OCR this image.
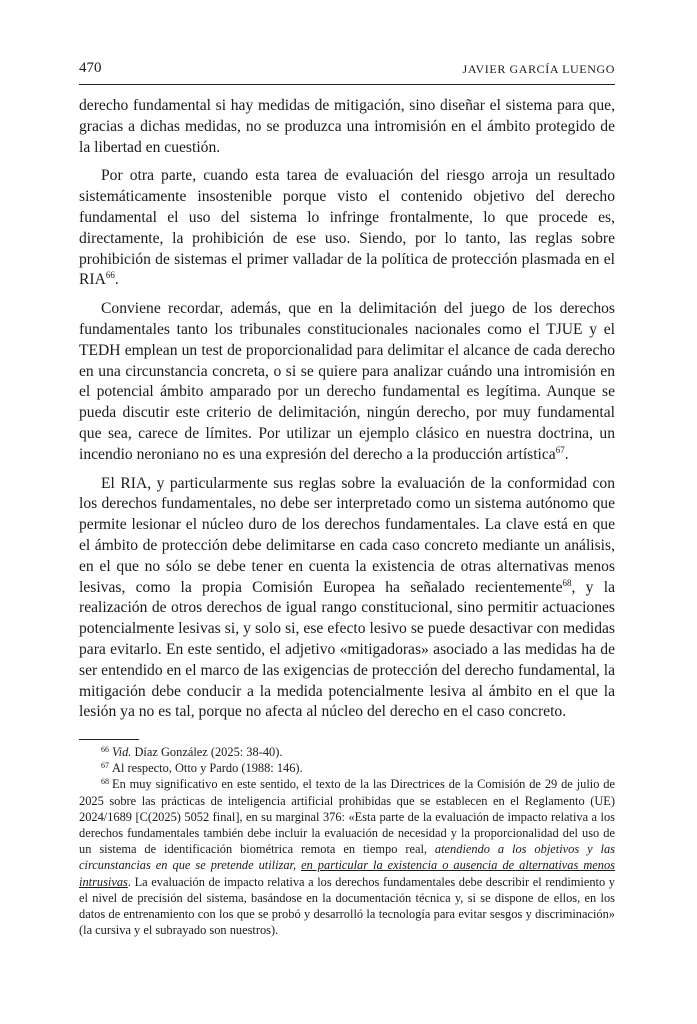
470	JAVIER GARCÍA LUENGO

derecho fundamental si hay medidas de mitigación, sino diseñar el sistema para que, gracias a dichas medidas, no se produzca una intromisión en el ámbito protegido de la libertad en cuestión.

Por otra parte, cuando esta tarea de evaluación del riesgo arroja un resultado sistemáticamente insostenible porque visto el contenido objetivo del derecho fundamental el uso del sistema lo infringe frontalmente, lo que procede es, directamente, la prohibición de ese uso. Siendo, por lo tanto, las reglas sobre prohibición de sistemas el primer valladar de la política de protección plasmada en el RIA$^{66}$.

Conviene recordar, además, que en la delimitación del juego de los derechos fundamentales tanto los tribunales constitucionales nacionales como el TJUE y el TEDH emplean un test de proporcionalidad para delimitar el alcance de cada derecho en una circunstancia concreta, o si se quiere para analizar cuándo una intromisión en el potencial ámbito amparado por un derecho fundamental es legítima. Aunque se pueda discutir este criterio de delimitación, ningún derecho, por muy fundamental que sea, carece de límites. Por utilizar un ejemplo clásico en nuestra doctrina, un incendio neroniano no es una expresión del derecho a la producción artística$^{67}$.

El RIA, y particularmente sus reglas sobre la evaluación de la conformidad con los derechos fundamentales, no debe ser interpretado como un sistema autónomo que permite lesionar el núcleo duro de los derechos fundamentales. La clave está en que el ámbito de protección debe delimitarse en cada caso concreto mediante un análisis, en el que no sólo se debe tener en cuenta la existencia de otras alternativas menos lesivas, como la propia Comisión Europea ha señalado recientemente$^{68}$, y la realización de otros derechos de igual rango constitucional, sino permitir actuaciones potencialmente lesivas si, y solo si, ese efecto lesivo se puede desactivar con medidas para evitarlo. En este sentido, el adjetivo «mitigadoras» asociado a las medidas ha de ser entendido en el marco de las exigencias de protección del derecho fundamental, la mitigación debe conducir a la medida potencialmente lesiva al ámbito en el que la lesión ya no es tal, porque no afecta al núcleo del derecho en el caso concreto.

$^{66}$ Vid. Díaz González (2025: 38-40).

$^{67}$ Al respecto, Otto y Pardo (1988: 146).

$^{68}$ En muy significativo en este sentido, el texto de la las Directrices de la Comisión de 29 de julio de 2025 sobre las prácticas de inteligencia artificial prohibidas que se establecen en el Reglamento (UE) 2024/1689 [C(2025) 5052 final], en su marginal 376: «Esta parte de la evaluación de impacto relativa a los derechos fundamentales también debe incluir la evaluación de necesidad y la proporcionalidad del uso de un sistema de identificación biométrica remota en tiempo real, atendiendo a los objetivos y las circunstancias en que se pretende utilizar, en particular la existencia o ausencia de alternativas menos intrusivas. La evaluación de impacto relativa a los derechos fundamentales debe describir el rendimiento y el nivel de precisión del sistema, basándose en la documentación técnica y, si se dispone de ellos, en los datos de entrenamiento con los que se probó y desarrolló la tecnología para evitar sesgos y discriminación» (la cursiva y el subrayado son nuestros).
